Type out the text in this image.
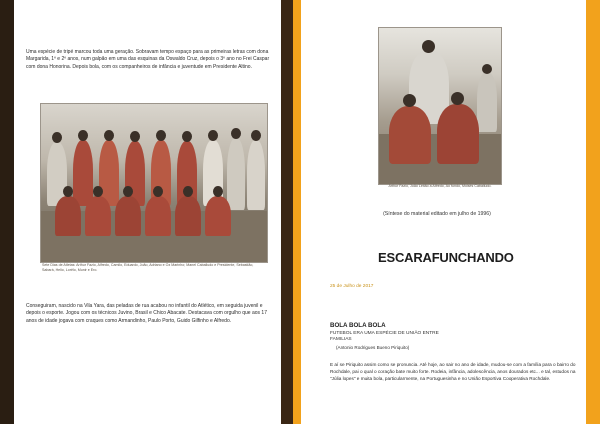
Uma espécie de tripé marcou toda uma geração. Sobravam tempo espaço para as primeiras letras com dona Margarida, 1º e 2º anos, num galpão em uma das esquinas da Oswaldo Cruz, depois o 3º ano no Frei Caspar com dona Honorina. Depois bola, com os companheiros de infância e juventude em Presidente Altino.

Sete Dias de Atletas: Arthur Fazio, Alfredo, Camilo, Eduardo, João, Adriano e Oz Marinho; Manel Caballudo e Presidente, Sebastião, Sabará, Helio, Lorêlo, Munir e Ero.

Conseguiram, nascido na Vila Yara, das peladas de rua acabou no infantil do Atlético, em seguida juvenil e depois o esporte. Jogou com os técnicos Juvino, Brasil e Chico Abacate. Destacava com orgulho que aos 17 anos de idade jogava com craques como Armandinho, Paulo Porto, Guido Gilfinho e Alfredo.

Arthur Fazio, João Leitão a Alfredo, Ao fundo, Moisés Caballudo.
(Síntese do material editado em julho de 1996)
ESCARAFUNCHANDO
25 de Julho de 2017
BOLA BOLA BOLA
FUTEBOL ERA UMA ESPÉCIE DE UNIÃO ENTRE
FAMILIAS
(Antonio Rodrigues Bueno Piriquito)
E aí se Piriquito assim como se pronuncia. Até hoje, ao sair no ano de idade, mudou-se com a família para o bairro do Rochdale, pai o qual o coração bate muito forte. Rodeia, infância, adolescência, anos dourados etc... e tal, estudos na "Júlia lopes" e muita bola, particularmente, na Portuguesinha e no União Esportiva Cooperativa Rochdale.
